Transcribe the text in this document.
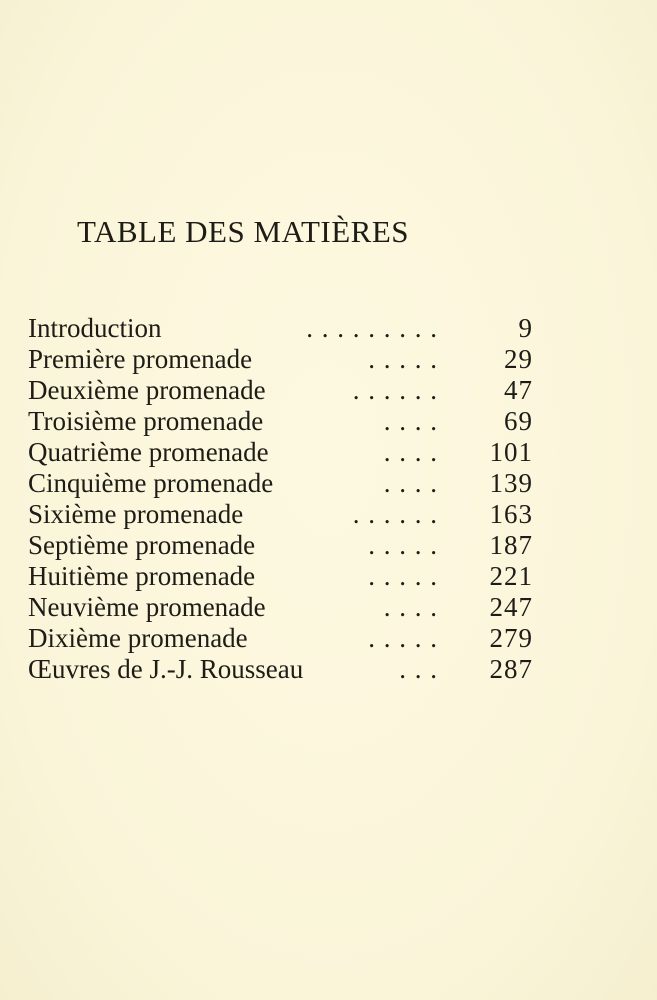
TABLE DES MATIÈRES
Introduction	. . . . . . . . .	9
Première promenade	. . . . . 29
Deuxième promenade	. . . . . . 47
Troisième promenade	. . . . 69
Quatrième promenade	. . . . 101
Cinquième promenade	. . . . 139
Sixième promenade	. . . . . . 163
Septième promenade	. . . . . 187
Huitième promenade	. . . . . 221
Neuvième promenade	. . . . 247
Dixième promenade	. . . . . 279
Œuvres de J.-J. Rousseau	. . . 287
